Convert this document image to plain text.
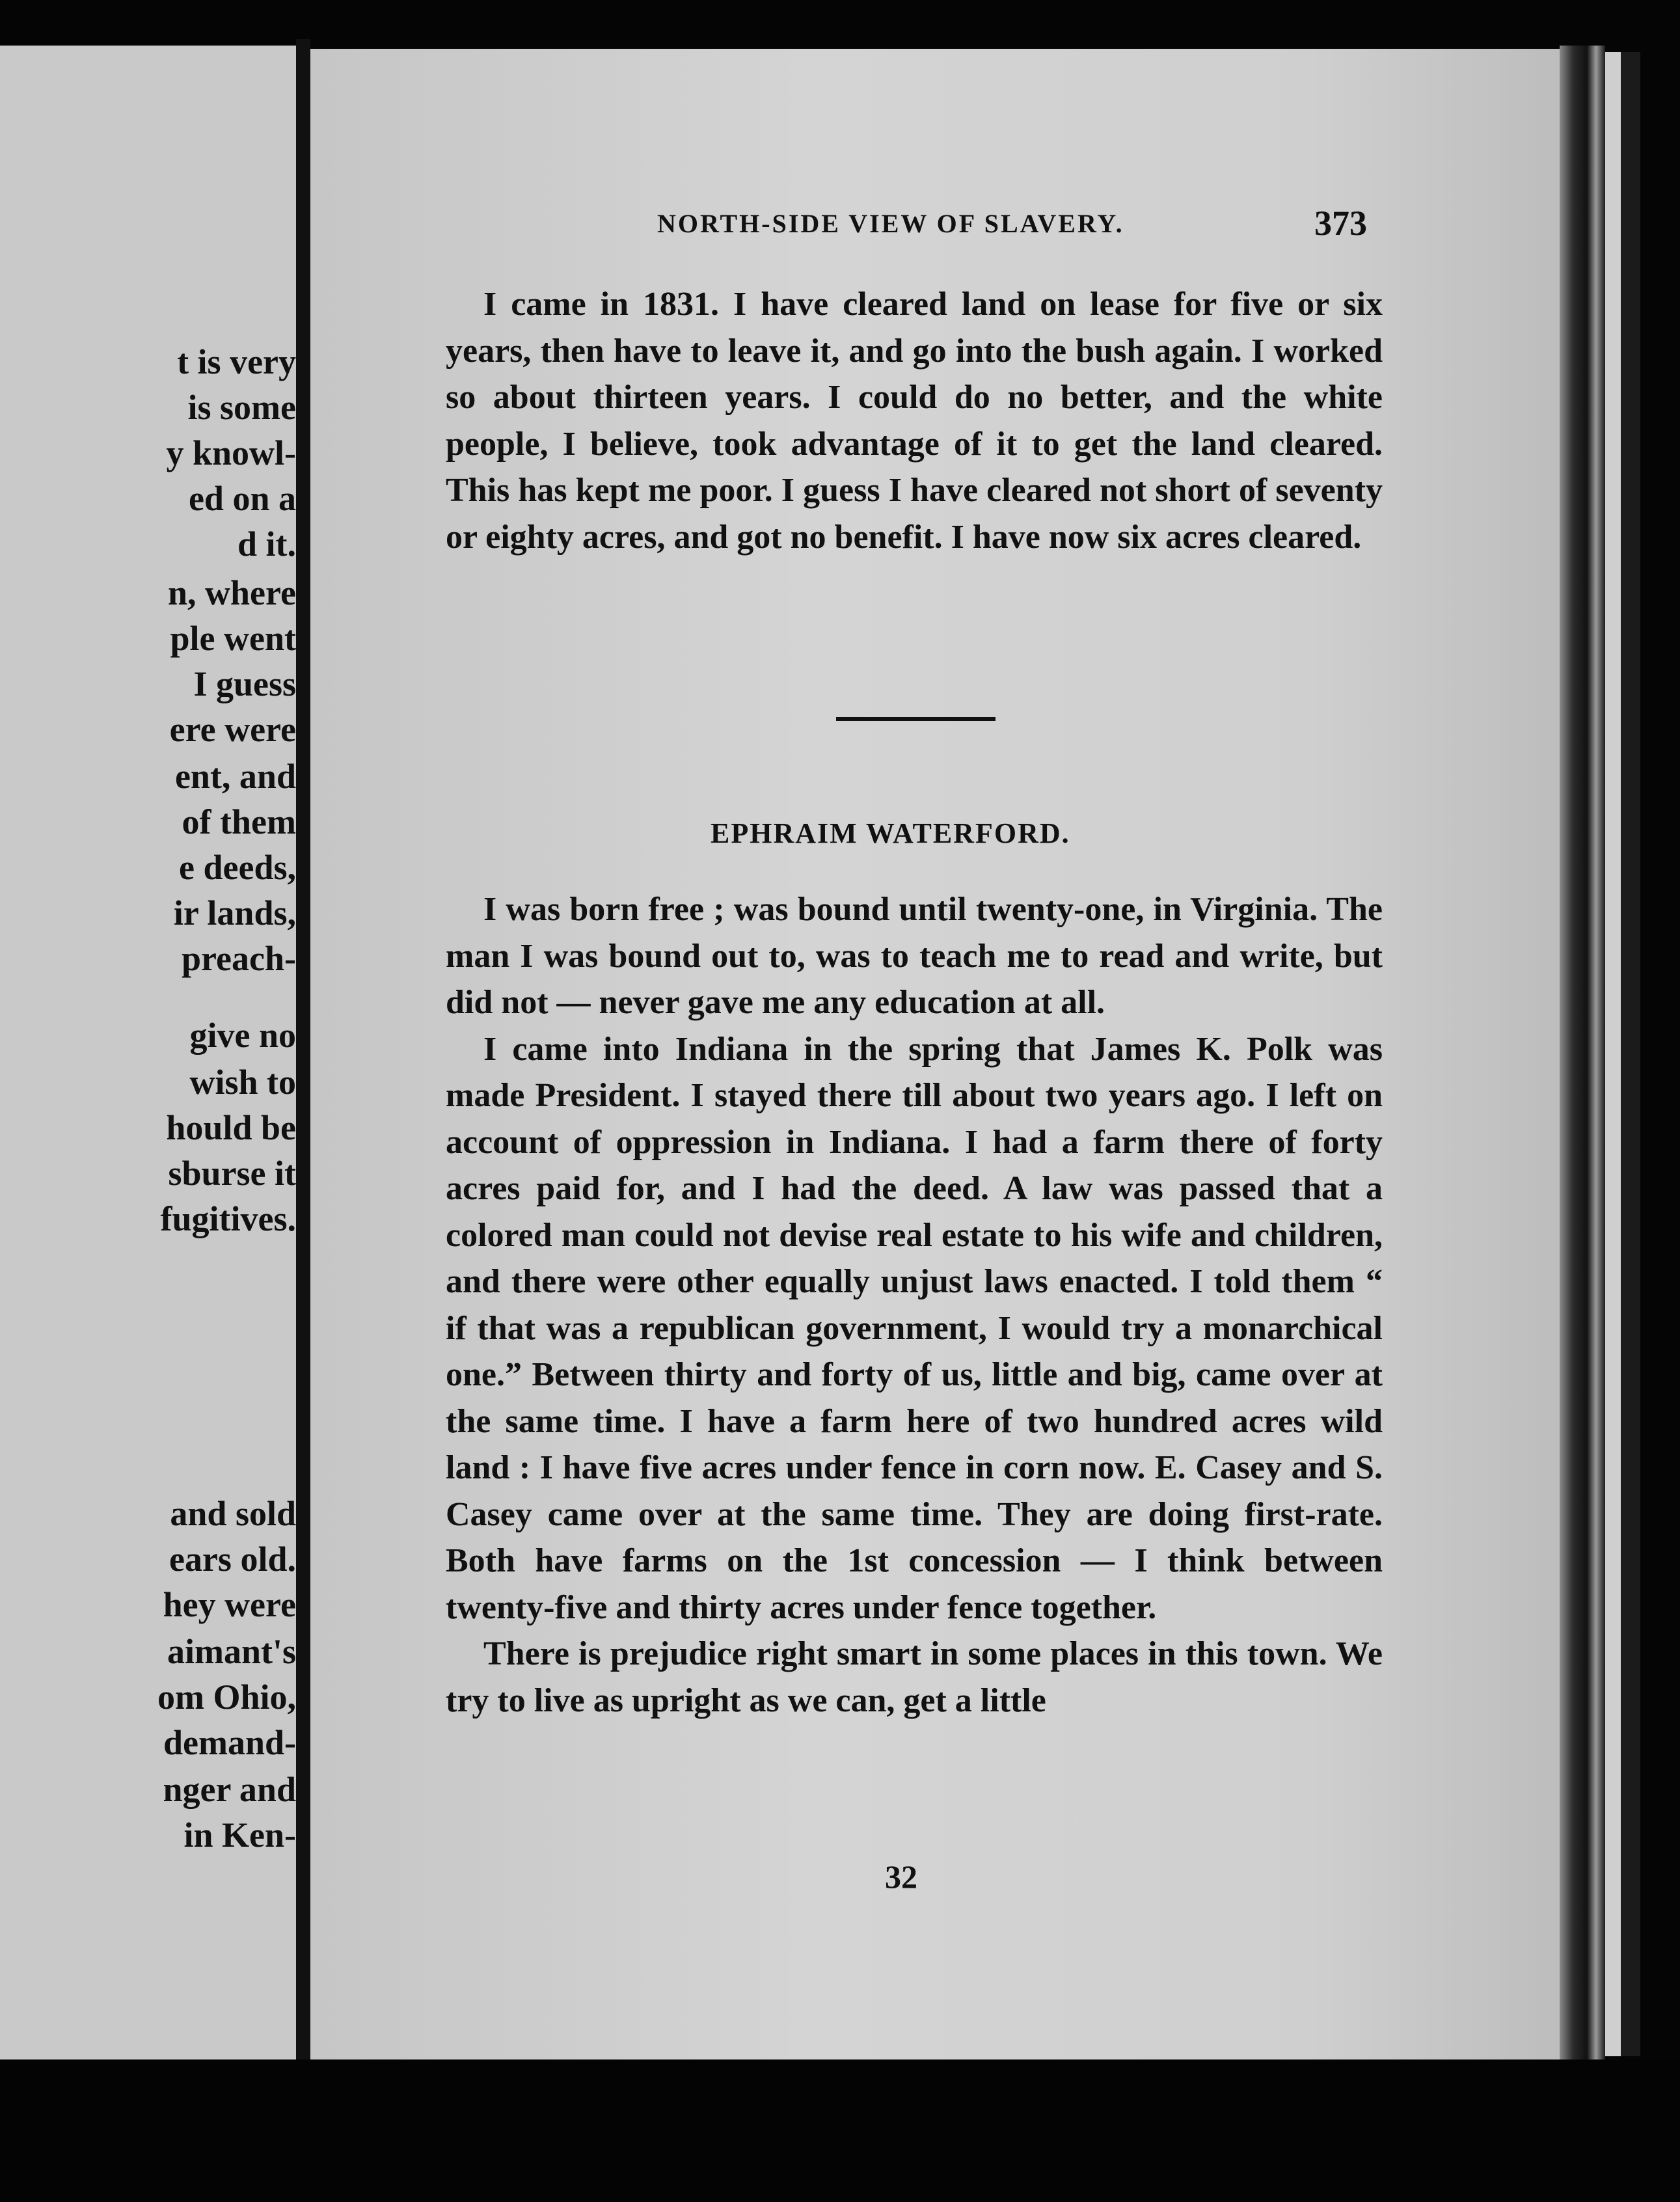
t is very
is some
y knowl-
ed on a
d it.
n, where
ple went
I guess
ere were
ent, and
of them
e deeds,
ir lands,
preach-
give no
wish to
hould be
sburse it
fugitives.
and sold
ears old.
hey were
aimant's
om Ohio,
demand-
nger and
in Ken-
NORTH-SIDE VIEW OF SLAVERY.	373

I came in 1831. I have cleared land on lease for five or six years, then have to leave it, and go into the bush again. I worked so about thirteen years. I could do no better, and the white people, I believe, took advantage of it to get the land cleared. This has kept me poor. I guess I have cleared not short of seventy or eighty acres, and got no benefit. I have now six acres cleared.

EPHRAIM WATERFORD.

I was born free ; was bound until twenty-one, in Virginia. The man I was bound out to, was to teach me to read and write, but did not — never gave me any education at all.

I came into Indiana in the spring that James K. Polk was made President. I stayed there till about two years ago. I left on account of oppression in Indiana. I had a farm there of forty acres paid for, and I had the deed. A law was passed that a colored man could not devise real estate to his wife and children, and there were other equally unjust laws enacted. I told them “ if that was a republican government, I would try a monarchical one.” Between thirty and forty of us, little and big, came over at the same time. I have a farm here of two hundred acres wild land : I have five acres under fence in corn now. E. Casey and S. Casey came over at the same time. They are doing first-rate. Both have farms on the 1st concession — I think between twenty-five and thirty acres under fence together.

There is prejudice right smart in some places in this town. We try to live as upright as we can, get a little

32
